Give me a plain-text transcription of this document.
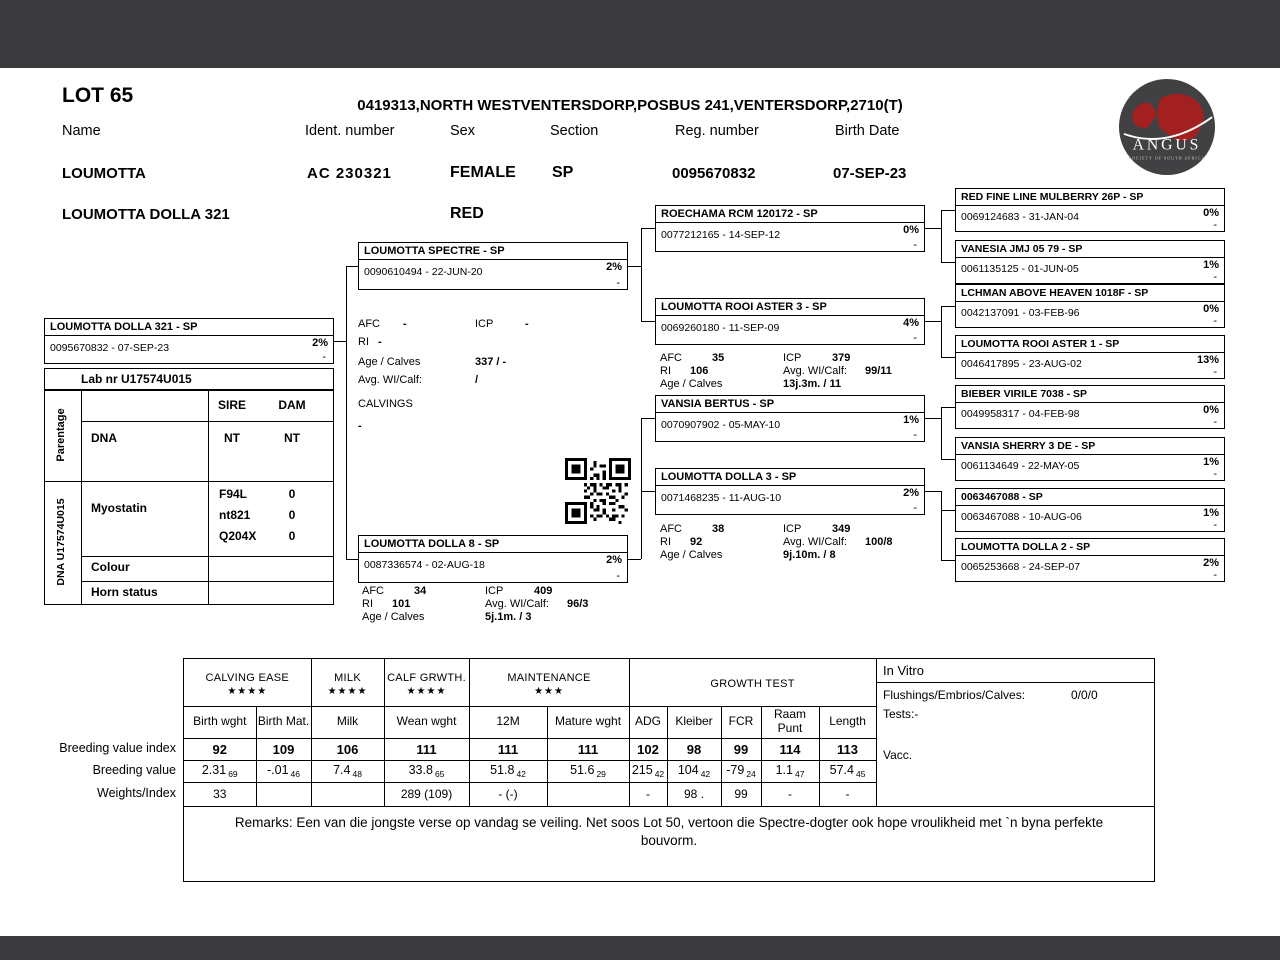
LOT 65	0419313,NORTH WESTVENTERSDORP,POSBUS 241,VENTERSDORP,2710(T)
Name	Ident. number	Sex	Section	Reg. number	Birth Date
LOUMOTTA	AC 230321	FEMALE SP	0095670832	07-SEP-23
LOUMOTTA DOLLA 321	RED
ANGUS
SOCIETY OF SOUTH AFRICA
LOUMOTTA DOLLA 321 - SP
0095670832 - 07-SEP-23	2%
-
Lab nr U17574U015
SIRE	DAM
DNA	NT	NT
Myostatin
F94L	0
nt821	0
Q204X	0
Colour
Horn status
Parentage
DNA U17574U015
LOUMOTTA SPECTRE - SP
0090610494 - 22-JUN-20	2%
-
AFC -	ICP	-
RI -
Age / Calves	337 / -
Avg. WI/Calf:	/
CALVINGS
-
LOUMOTTA DOLLA 8 - SP
0087336574 - 02-AUG-18	2%
-
AFC	34	ICP	409
RI 101	Avg. WI/Calf: 96/3
Age / Calves	5j.1m. / 3
ROECHAMA RCM 120172 - SP
0077212165 - 14-SEP-12	0%
-
LOUMOTTA ROOI ASTER 3 - SP
0069260180 - 11-SEP-09	4%
-
AFC	35	ICP	379
RI 106	Avg. WI/Calf: 99/11
Age / Calves	13j.3m. / 11
VANSIA BERTUS - SP
0070907902 - 05-MAY-10	1%
-
LOUMOTTA DOLLA 3 - SP
0071468235 - 11-AUG-10	2%
-
AFC	38	ICP	349
RI 92	Avg. WI/Calf: 100/8
Age / Calves	9j.10m. / 8
RED FINE LINE MULBERRY 26P - SP
0069124683 - 31-JAN-04	0%
-
VANESIA JMJ 05 79 - SP
0061135125 - 01-JUN-05	1%
-
LCHMAN ABOVE HEAVEN 1018F - SP
0042137091 - 03-FEB-96	0%
-
LOUMOTTA ROOI ASTER 1 - SP
0046417895 - 23-AUG-02	13%
-
BIEBER VIRILE 7038 - SP
0049958317 - 04-FEB-98	0%
-
VANSIA SHERRY 3 DE - SP
0061134649 - 22-MAY-05	1%
-
0063467088 - SP
0063467088 - 10-AUG-06	1%
-
LOUMOTTA DOLLA 2 - SP
0065253668 - 24-SEP-07	2%
-
Breeding value index
Breeding value
Weights/Index
CALVING EASE
★★★★

MILK
★★★★

CALF GRWTH.
★★★★

MAINTENANCE
★★★

GROWTH TEST

Birth wght	Birth Mat.	Milk	Wean wght	12M	Mature wght	ADG	Kleiber	FCR	Raam Punt	Length
92	109	106	111	111	111	102	98	99	114	113
2.31 $_{69}$	-.01 $_{46}$	7.4 $_{48}$	33.8 $_{65}$	51.8 $_{42}$	51.6 $_{29}$	215 $_{42}$	104 $_{42}$	-79 $_{24}$	1.1 $_{47}$	57.4 $_{45}$
33			289 (109)	- (-)		-	98 .	99	-	-
In Vitro
Flushings/Embrios/Calves:	0/0/0
Tests:-
Vacc.
Remarks: Een van die jongste verse op vandag se veiling. Net soos Lot 50, vertoon die Spectre-dogter ook hope vroulikheid met `n byna perfekte bouvorm.
